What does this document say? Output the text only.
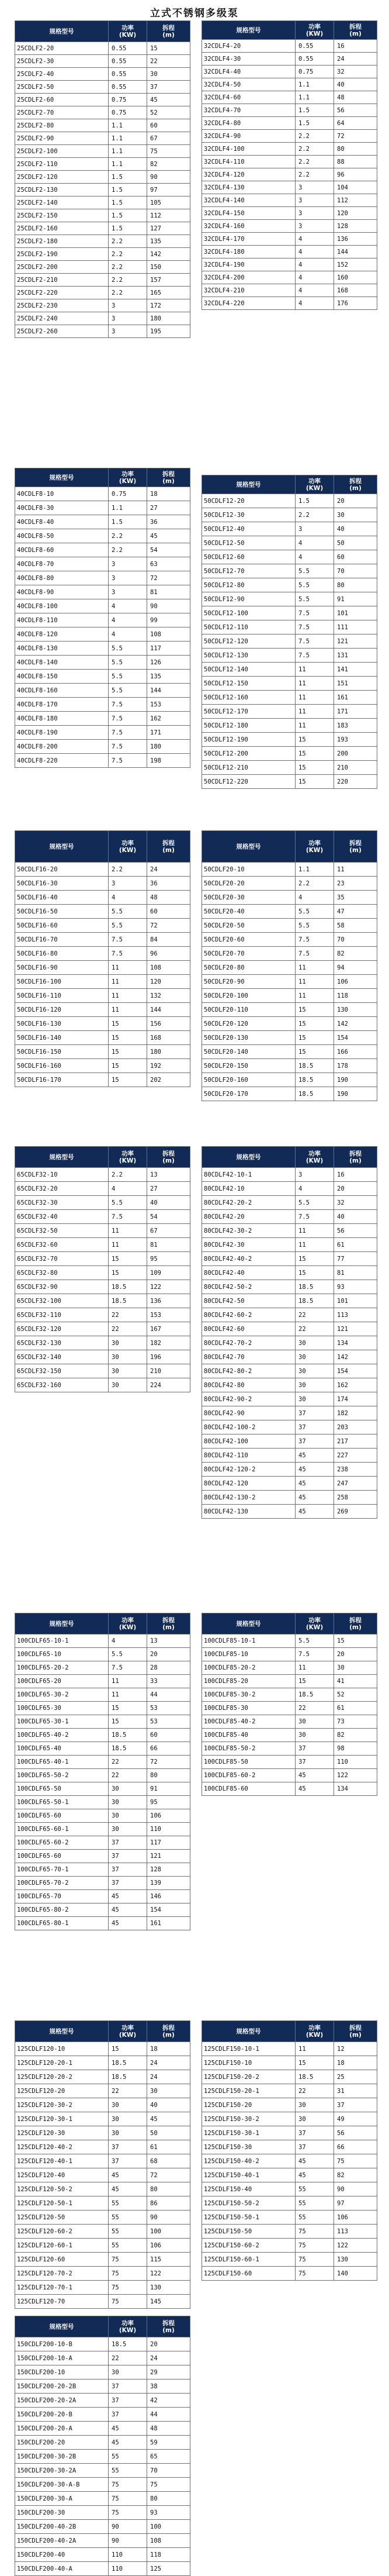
立式不锈钢多级泵
规格型号	功率
(KW)	拆程
(m)
25CDLF2-20	0.55	15
25CDLF2-30	0.55	22
25CDLF2-40	0.55	30
25CDLF2-50	0.55	37
25CDLF2-60	0.75	45
25CDLF2-70	0.75	52
25CDLF2-80	1.1	60
25CDLF2-90	1.1	67
25CDLF2-100	1.1	75
25CDLF2-110	1.1	82
25CDLF2-120	1.5	90
25CDLF2-130	1.5	97
25CDLF2-140	1.5	105
25CDLF2-150	1.5	112
25CDLF2-160	1.5	127
25CDLF2-180	2.2	135
25CDLF2-190	2.2	142
25CDLF2-200	2.2	150
25CDLF2-210	2.2	157
25CDLF2-220	2.2	165
25CDLF2-230	3	172
25CDLF2-240	3	180
25CDLF2-260	3	195
规格型号	功率
(KW)	拆程
(m)
32CDLF4-20	0.55	16
32CDLF4-30	0.55	24
32CDLF4-40	0.75	32
32CDLF4-50	1.1	40
32CDLF4-60	1.1	48
32CDLF4-70	1.5	56
32CDLF4-80	1.5	64
32CDLF4-90	2.2	72
32CDLF4-100	2.2	80
32CDLF4-110	2.2	88
32CDLF4-120	2.2	96
32CDLF4-130	3	104
32CDLF4-140	3	112
32CDLF4-150	3	120
32CDLF4-160	3	128
32CDLF4-170	4	136
32CDLF4-180	4	144
32CDLF4-190	4	152
32CDLF4-200	4	160
32CDLF4-210	4	168
32CDLF4-220	4	176
规格型号	功率
(KW)	拆程
(m)
40CDLF8-10	0.75	18
40CDLF8-30	1.1	27
40CDLF8-40	1.5	36
40CDLF8-50	2.2	45
40CDLF8-60	2.2	54
40CDLF8-70	3	63
40CDLF8-80	3	72
40CDLF8-90	3	81
40CDLF8-100	4	90
40CDLF8-110	4	99
40CDLF8-120	4	108
40CDLF8-130	5.5	117
40CDLF8-140	5.5	126
40CDLF8-150	5.5	135
40CDLF8-160	5.5	144
40CDLF8-170	7.5	153
40CDLF8-180	7.5	162
40CDLF8-190	7.5	171
40CDLF8-200	7.5	180
40CDLF8-220	7.5	198
规格型号	功率
(KW)	拆程
(m)
50CDLF12-20	1.5	20
50CDLF12-30	2.2	30
50CDLF12-40	3	40
50CDLF12-50	4	50
50CDLF12-60	4	60
50CDLF12-70	5.5	70
50CDLF12-80	5.5	80
50CDLF12-90	5.5	91
50CDLF12-100	7.5	101
50CDLF12-110	7.5	111
50CDLF12-120	7.5	121
50CDLF12-130	7.5	131
50CDLF12-140	11	141
50CDLF12-150	11	151
50CDLF12-160	11	161
50CDLF12-170	11	171
50CDLF12-180	11	183
50CDLF12-190	15	193
50CDLF12-200	15	200
50CDLF12-210	15	210
50CDLF12-220	15	220
规格型号	功率
(KW)	拆程
(m)
50CDLF16-20	2.2	24
50CDLF16-30	3	36
50CDLF16-40	4	48
50CDLF16-50	5.5	60
50CDLF16-60	5.5	72
50CDLF16-70	7.5	84
50CDLF16-80	7.5	96
50CDLF16-90	11	108
50CDLF16-100	11	120
50CDLF16-110	11	132
50CDLF16-120	11	144
50CDLF16-130	15	156
50CDLF16-140	15	168
50CDLF16-150	15	180
50CDLF16-160	15	192
50CDLF16-170	15	202
规格型号	功率
(KW)	拆程
(m)
50CDLF20-10	1.1	11
50CDLF20-20	2.2	23
50CDLF20-30	4	35
50CDLF20-40	5.5	47
50CDLF20-50	5.5	58
50CDLF20-60	7.5	70
50CDLF20-70	7.5	82
50CDLF20-80	11	94
50CDLF20-90	11	106
50CDLF20-100	11	118
50CDLF20-110	15	130
50CDLF20-120	15	142
50CDLF20-130	15	154
50CDLF20-140	15	166
50CDLF20-150	18.5	178
50CDLF20-160	18.5	190
50CDLF20-170	18.5	190
规格型号	功率
(KW)	拆程
(m)
65CDLF32-10	2.2	13
65CDLF32-20	4	27
65CDLF32-30	5.5	40
65CDLF32-40	7.5	54
65CDLF32-50	11	67
65CDLF32-60	11	81
65CDLF32-70	15	95
65CDLF32-80	15	109
65CDLF32-90	18.5	122
65CDLF32-100	18.5	136
65CDLF32-110	22	153
65CDLF32-120	22	167
65CDLF32-130	30	182
65CDLF32-140	30	196
65CDLF32-150	30	210
65CDLF32-160	30	224
规格型号	功率
(KW)	拆程
(m)
80CDLF42-10-1	3	16
80CDLF42-10	4	20
80CDLF42-20-2	5.5	32
80CDLF42-20	7.5	40
80CDLF42-30-2	11	56
80CDLF42-30	11	61
80CDLF42-40-2	15	77
80CDLF42-40	15	81
80CDLF42-50-2	18.5	93
80CDLF42-50	18.5	101
80CDLF42-60-2	22	113
80CDLF42-60	22	121
80CDLF42-70-2	30	134
80CDLF42-70	30	142
80CDLF42-80-2	30	154
80CDLF42-80	30	162
80CDLF42-90-2	30	174
80CDLF42-90	37	182
80CDLF42-100-2	37	203
80CDLF42-100	37	217
80CDLF42-110	45	227
80CDLF42-120-2	45	238
80CDLF42-120	45	247
80CDLF42-130-2	45	258
80CDLF42-130	45	269
规格型号	功率
(KW)	拆程
(m)
100CDLF65-10-1	4	13
100CDLF65-10	5.5	20
100CDLF65-20-2	7.5	28
100CDLF65-20	11	33
100CDLF65-30-2	11	44
100CDLF65-30	15	53
100CDLF65-30-1	15	53
100CDLF65-40-2	18.5	60
100CDLF65-40	18.5	66
100CDLF65-40-1	22	72
100CDLF65-50-2	22	80
100CDLF65-50	30	91
100CDLF65-50-1	30	95
100CDLF65-60	30	106
100CDLF65-60-1	30	110
100CDLF65-60-2	37	117
100CDLF65-60	37	121
100CDLF65-70-1	37	128
100CDLF65-70-2	37	139
100CDLF65-70	45	146
100CDLF65-80-2	45	154
100CDLF65-80-1	45	161
规格型号	功率
(KW)	拆程
(m)
100CDLF85-10-1	5.5	15
100CDLF85-10	7.5	20
100CDLF85-20-2	11	30
100CDLF85-20	15	41
100CDLF85-30-2	18.5	52
100CDLF85-30	22	61
100CDLF85-40-2	30	73
100CDLF85-40	30	82
100CDLF85-50-2	37	98
100CDLF85-50	37	110
100CDLF85-60-2	45	122
100CDLF85-60	45	134
规格型号	功率
(KW)	拆程
(m)
125CDLF120-10	15	18
125CDLF120-20-1	18.5	24
125CDLF120-20-2	18.5	24
125CDLF120-20	22	30
125CDLF120-30-2	30	40
125CDLF120-30-1	30	45
125CDLF120-30	30	50
125CDLF120-40-2	37	61
125CDLF120-40-1	37	68
125CDLF120-40	45	72
125CDLF120-50-2	45	80
125CDLF120-50-1	55	86
125CDLF120-50	55	90
125CDLF120-60-2	55	100
125CDLF120-60-1	55	106
125CDLF120-60	75	115
125CDLF120-70-2	75	122
125CDLF120-70-1	75	130
125CDLF120-70	75	145
规格型号	功率
(KW)	拆程
(m)
125CDLF150-10-1	11	12
125CDLF150-10	15	18
125CDLF150-20-2	18.5	25
125CDLF150-20-1	22	31
125CDLF150-20	30	37
125CDLF150-30-2	30	49
125CDLF150-30-1	37	56
125CDLF150-30	37	66
125CDLF150-40-2	45	75
125CDLF150-40-1	45	82
125CDLF150-40	55	90
125CDLF150-50-2	55	97
125CDLF150-50-1	55	106
125CDLF150-50	75	113
125CDLF150-60-2	75	122
125CDLF150-60-1	75	130
125CDLF150-60	75	140
规格型号	功率
(KW)	拆程
(m)
150CDLF200-10-B	18.5	20
150CDLF200-10-A	22	24
150CDLF200-10	30	29
150CDLF200-20-2B	37	38
150CDLF200-20-2A	37	42
150CDLF200-20-B	37	44
150CDLF200-20-A	45	48
150CDLF200-20	45	59
150CDLF200-30-2B	55	65
150CDLF200-30-2A	55	70
150CDLF200-30-A-B	75	75
150CDLF200-30-A	75	80
150CDLF200-30	75	93
150CDLF200-40-2B	90	100
150CDLF200-40-2A	90	108
150CDLF200-40	110	118
150CDLF200-40-A	110	125
